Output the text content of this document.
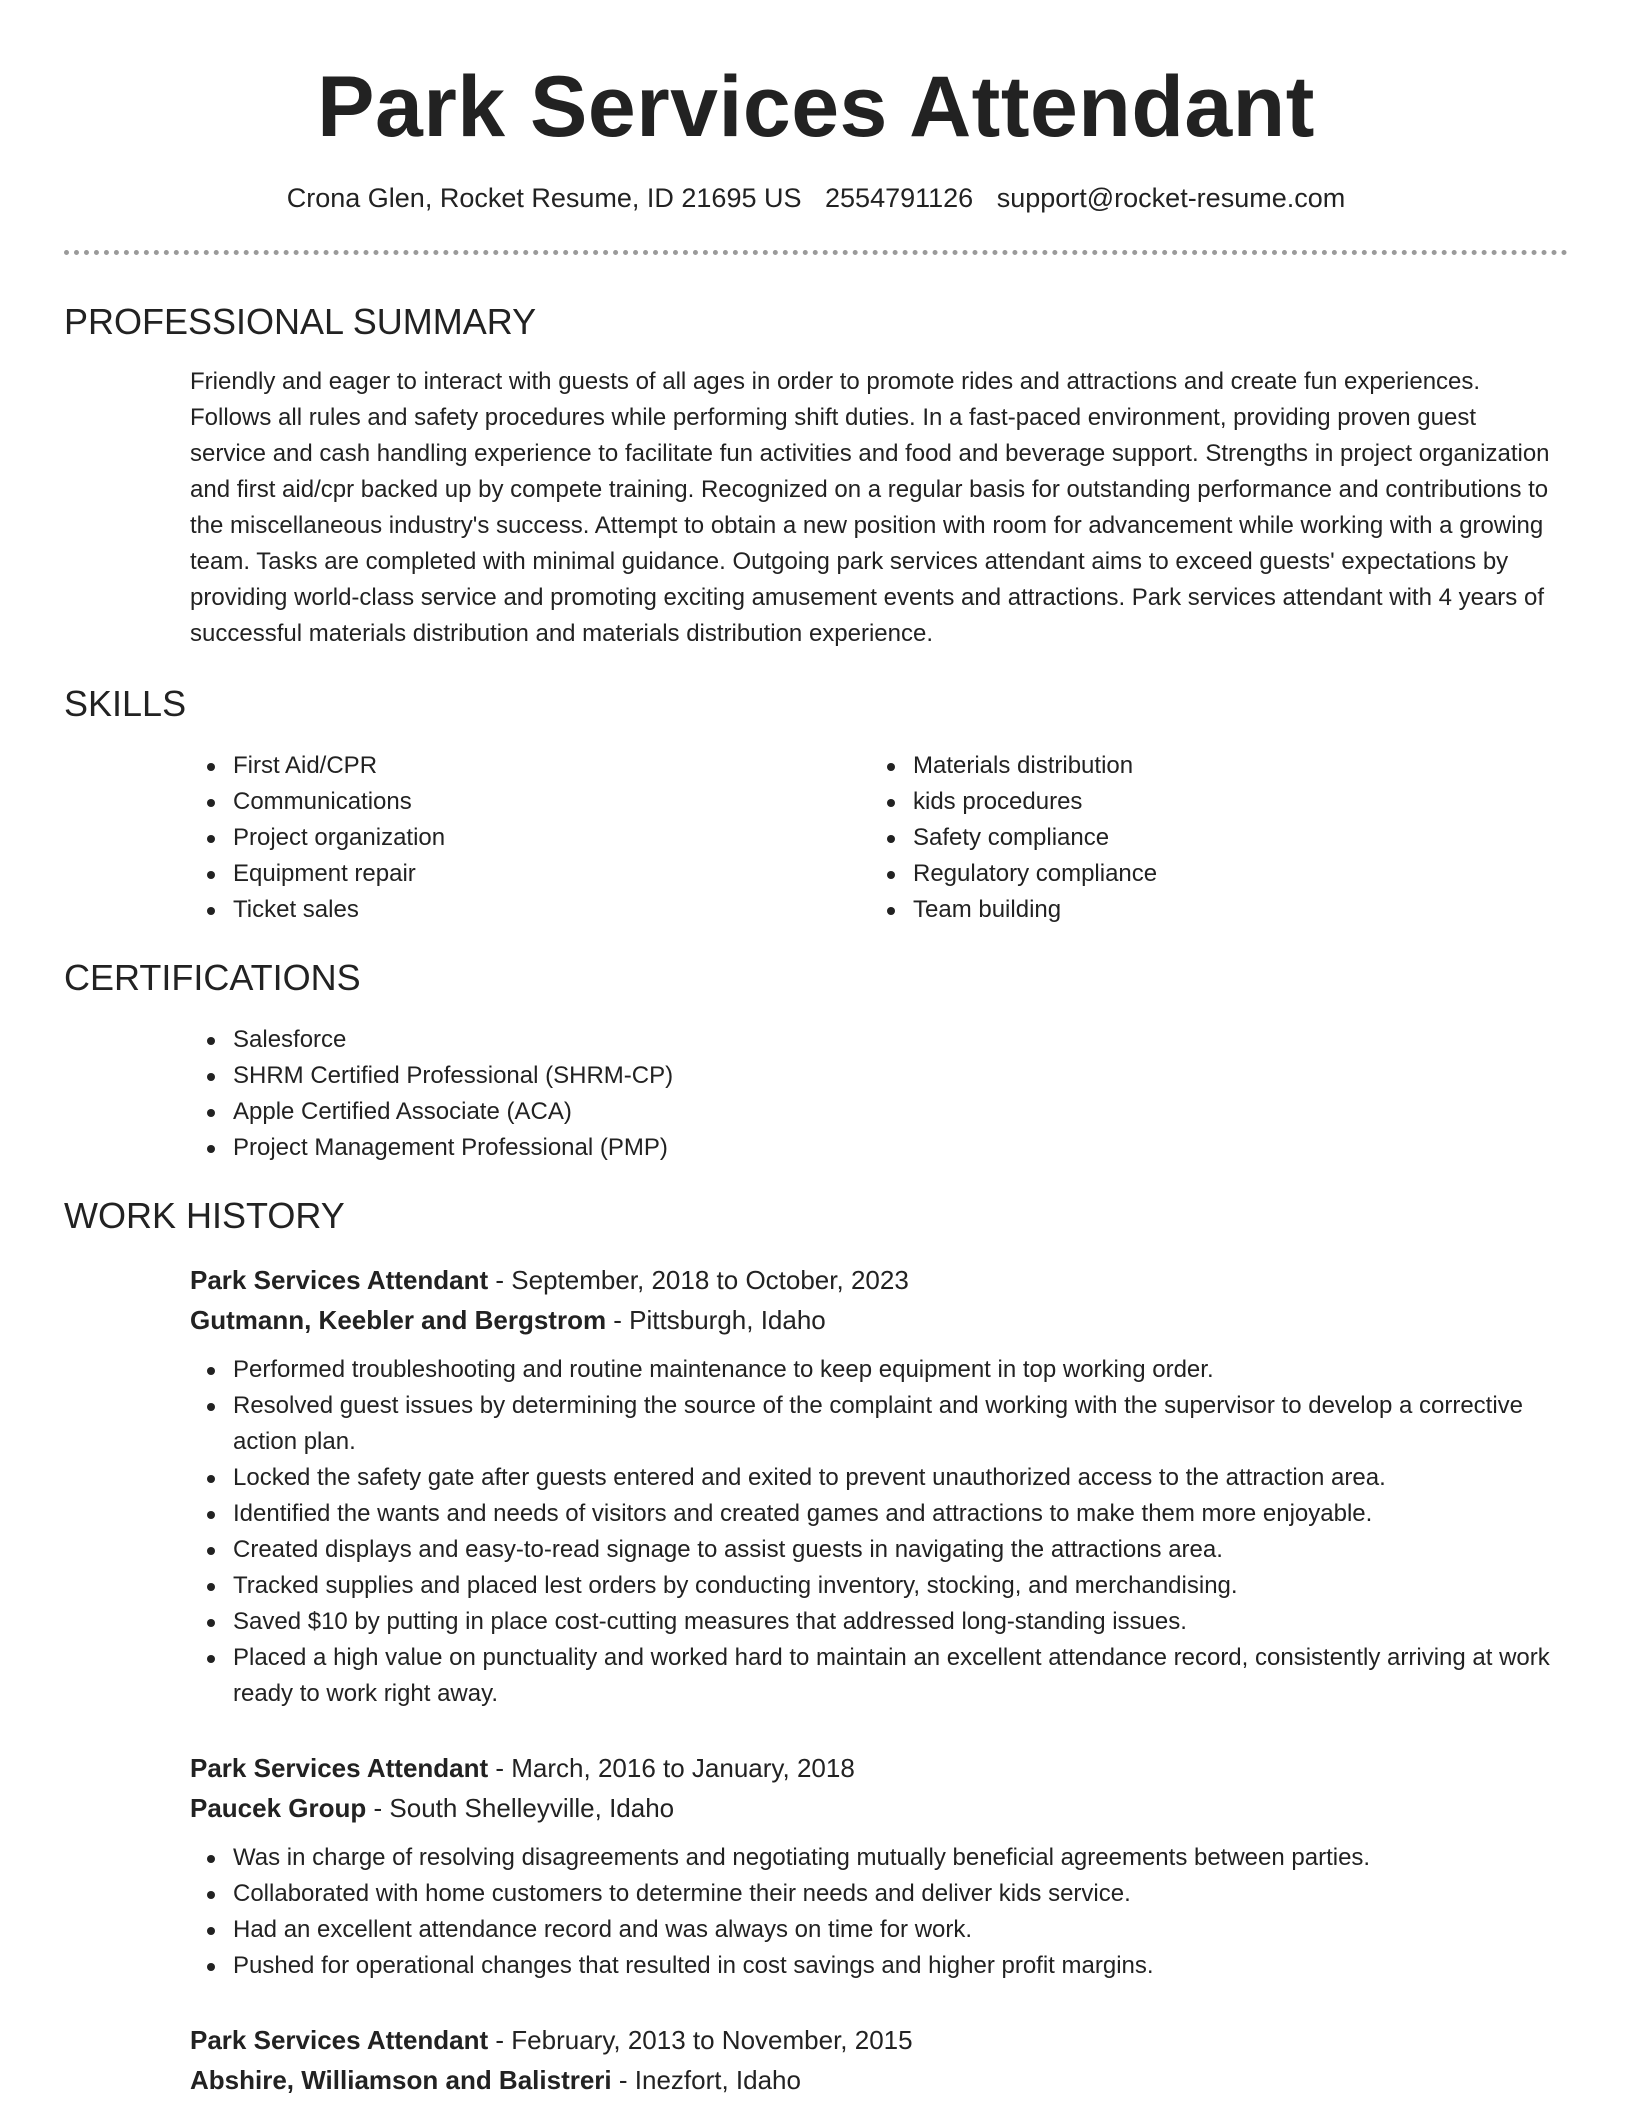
Park Services Attendant
Crona Glen, Rocket Resume, ID 21695 US 2554791126 support@rocket-resume.com
PROFESSIONAL SUMMARY

Friendly and eager to interact with guests of all ages in order to promote rides and attractions and create fun experiences. Follows all rules and safety procedures while performing shift duties. In a fast-paced environment, providing proven guest service and cash handling experience to facilitate fun activities and food and beverage support. Strengths in project organization and first aid/cpr backed up by compete training. Recognized on a regular basis for outstanding performance and contributions to the miscellaneous industry's success. Attempt to obtain a new position with room for advancement while working with a growing team. Tasks are completed with minimal guidance. Outgoing park services attendant aims to exceed guests' expectations by providing world-class service and promoting exciting amusement events and attractions. Park services attendant with 4 years of successful materials distribution and materials distribution experience.

SKILLS
First Aid/CPR
Communications
Project organization
Equipment repair
Ticket sales
Materials distribution
kids procedures
Safety compliance
Regulatory compliance
Team building
CERTIFICATIONS
Salesforce
SHRM Certified Professional (SHRM-CP)
Apple Certified Associate (ACA)
Project Management Professional (PMP)
WORK HISTORY
Park Services Attendant - September, 2018 to October, 2023
Gutmann, Keebler and Bergstrom - Pittsburgh, Idaho
Performed troubleshooting and routine maintenance to keep equipment in top working order.
Resolved guest issues by determining the source of the complaint and working with the supervisor to develop a corrective action plan.
Locked the safety gate after guests entered and exited to prevent unauthorized access to the attraction area.
Identified the wants and needs of visitors and created games and attractions to make them more enjoyable.
Created displays and easy-to-read signage to assist guests in navigating the attractions area.
Tracked supplies and placed lest orders by conducting inventory, stocking, and merchandising.
Saved $10 by putting in place cost-cutting measures that addressed long-standing issues.
Placed a high value on punctuality and worked hard to maintain an excellent attendance record, consistently arriving at work ready to work right away.
Park Services Attendant - March, 2016 to January, 2018
Paucek Group - South Shelleyville, Idaho
Was in charge of resolving disagreements and negotiating mutually beneficial agreements between parties.
Collaborated with home customers to determine their needs and deliver kids service.
Had an excellent attendance record and was always on time for work.
Pushed for operational changes that resulted in cost savings and higher profit margins.
Park Services Attendant - February, 2013 to November, 2015
Abshire, Williamson and Balistreri - Inezfort, Idaho
